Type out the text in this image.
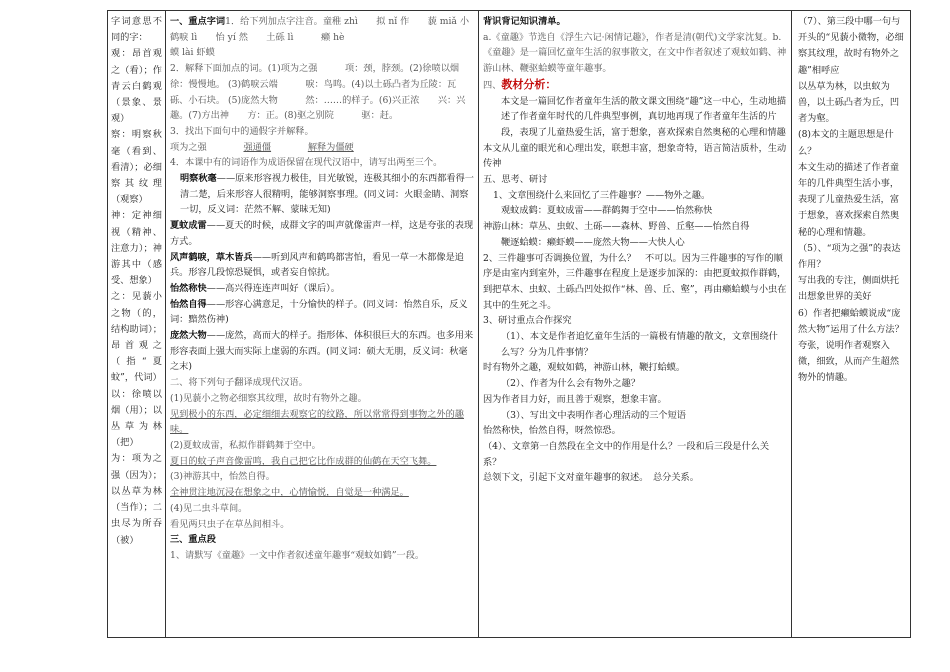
字词意思不同的字：

观：昂首观之（看）；作青云白鹤观（景象、景观）

察：明察秋毫（看到、看清）；必细察其纹理（观察）

神：定神细视（精神、注意力）；神游其中（感受、想象）

之：见藐小之物（的，结构助词）；昂首观之（指“夏蚊”，代词）

以：徐喷以烟（用）；以丛草为林（把）

为：项为之强（因为）；以丛草为林（当作）；二虫尽为所吞（被）

一、重点字词1．给下列加点字注音。童稚 zhì　　拟 nǐ 作　　藐 miǎ 小　　鹤唳 lì　　怡 yí 然　　土砾 lì　　　癞 hè

蟆 lài 虾蟆

2．解释下面加点的词。(1)项为之强　　　项：颈，脖颈。(2)徐喷以烟　　　徐：慢慢地。 (3)鹤唳云端　　　唳：鸟鸣。(4)以土砾凸者为丘陵：瓦砾、小石块。 (5)庞然大物　　　然：……的样子。(6)兴正浓　　兴：兴趣。(7)方出神　　方：正。(8)驱之别院　　　驱：赶。

3．找出下面句中的通假字并解释。

项为之强　　　　	强通僵　　　　	解释为僵硬

4．本课中有的词语作为成语保留在现代汉语中，请写出两至三个。

明察秋毫——原来形容视力极佳，目光敏锐，连极其细小的东西都看得一清二楚，后来形容人很精明，能够洞察事理。(同义词：火眼金睛、洞察一切，反义词：茫然不解、蒙昧无知)

夏蚊成雷——夏天的时候，成群文字的叫声就像雷声一样，这是夸张的表现方式。

风声鹤唳，草木皆兵——听到风声和鹤鸣都害怕，看见一草一木都像是追兵。形容几段惊恐疑惧，或者妄自惊扰。

怡然称快——高兴得连连声叫好（课后）。

怡然自得——形容心满意足，十分愉快的样子。(同义词：怡然自乐，反义词：黯然伤神)

庞然大物——庞然，高而大的样子。指形体、体积很巨大的东西。也多用来形容表面上强大而实际上虚弱的东西。(同义词：硕大无朋，反义词：秋毫之末)

二、将下列句子翻译成现代汉语。

(1)见藐小之物必细察其纹理，故时有物外之趣。

见到极小的东西，必定细细去观察它的纹路，所以常常得到事物之外的趣味。

(2)夏蚊成雷，私拟作群鹤舞于空中。

夏日的蚊子声音像雷鸣，我自己把它比作成群的仙鹤在天空飞舞。

(3)神游其中，怡然自得。

全神贯注地沉浸在想象之中，心情愉悦，自觉是一种满足。

(4)见二虫斗草间。

看见两只虫子在草丛间相斗。

三、重点段

1、请默写《童趣》一文中作者叙述童年趣事“观蚊如鹤”一段。

背识背记知识清单。

a.《童趣》节选自《浮生六记·闲情记趣》，作者是清(朝代)文学家沈复。b.《童趣》是一篇回忆童年生活的叙事散文，在文中作者叙述了观蚊如鹤、神游山林、鞭驱蛤蟆等童年趣事。

四、教材分析：

本文是一篇回忆作者童年生活的散文课文围绕“趣”这一中心，生动地描述了作者童年时代的几件典型事例，真切地再现了作者童年生活的片段，表现了儿童热爱生活，富于想象，喜欢探索自然奥秘的心理和情趣

本文从儿童的眼光和心理出发，联想丰富，想象奇特，语言简洁质朴，生动传神

五、思考、研讨

1、文章围绕什么来回忆了三件趣事？——物外之趣。

观蚊成鹤：夏蚊成雷——群鹤舞于空中——怡然称快

神游山林：草丛、虫蚁、土砾——森林、野兽、丘壑——怡然自得

鞭逐蛤蟆：癞虾蟆——庞然大物——大快人心

2、三件趣事可否调换位置，为什么？　不可以。因为三件趣事的写作的顺序是由室内到室外，三件趣事在程度上是逐步加深的：由把夏蚊拟作群鹤，到把草木、虫蚁、土砾凸凹处拟作“林、兽、丘、壑”，再由癞蛤蟆与小虫在其中的生死之斗。

3、研讨重点合作探究

（1）、本文是作者追忆童年生活的一篇极有情趣的散文，文章围绕什么写？分为几件事情？

时有物外之趣，观蚊如鹤，神游山林，鞭打蛤蟆。

（2）、作者为什么会有物外之趣？

因为作者目力好，而且善于观察，想象丰富。

（3）、写出文中表明作者心理活动的三个短语

怡然称快，怡然自得，呀然惊恐。

（4）、文章第一自然段在全文中的作用是什么？一段和后三段是什么关系？

总领下文，引起下文对童年趣事的叙述。　总分关系。

（7）、第三段中哪一句与开头的“见藐小微物，必细察其纹理，故时有物外之趣”相呼应

以丛草为林，以虫蚁为兽，以土砾凸者为丘，凹者为壑。

(8)本文的主题思想是什么？

本文生动的描述了作者童年的几件典型生活小事，表现了儿童热爱生活，富于想象，喜欢探索自然奥秘的心理和情趣。

（5）、“项为之强”的表达作用？

写出我的专注，侧面烘托出想象世界的美好

6）作者把癞蛤蟆说成“庞然大物”运用了什么方法？

夸张，说明作者观察入微，细致，从而产生超然物外的情趣。
